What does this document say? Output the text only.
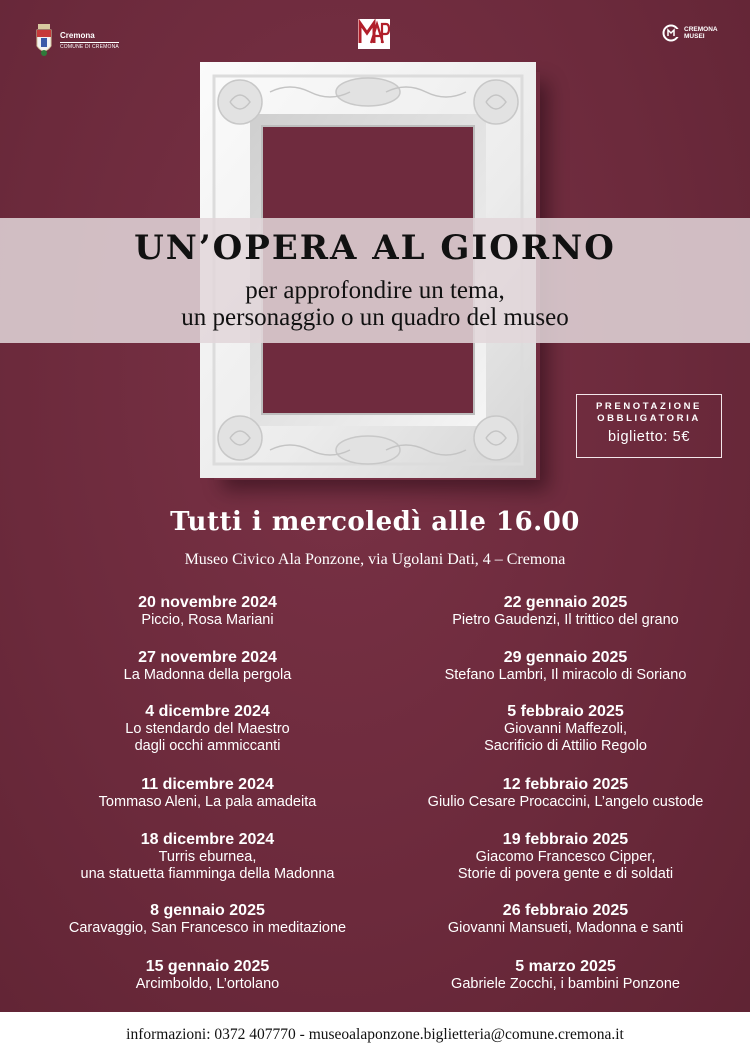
Cremona
COMUNE DI CREMONA
CREMONA
MUSEI
UN’OPERA AL GIORNO

per approfondire un tema,
un personaggio o un quadro del museo

PRENOTAZIONE
OBBLIGATORIA
biglietto: 5€
Tutti i mercoledì alle 16.00

Museo Civico Ala Ponzone, via Ugolani Dati, 4 – Cremona

20 novembre 2024
Piccio, Rosa Mariani
27 novembre 2024
La Madonna della pergola
4 dicembre 2024
Lo stendardo del Maestro
dagli occhi ammiccanti
11 dicembre 2024
Tommaso Aleni, La pala amadeita
18 dicembre 2024
Turris eburnea,
una statuetta fiamminga della Madonna
8 gennaio 2025
Caravaggio, San Francesco in meditazione
15 gennaio 2025
Arcimboldo, L’ortolano
22 gennaio 2025
Pietro Gaudenzi, Il trittico del grano
29 gennaio 2025
Stefano Lambri, Il miracolo di Soriano
5 febbraio 2025
Giovanni Maffezoli,
Sacrificio di Attilio Regolo
12 febbraio 2025
Giulio Cesare Procaccini, L’angelo custode
19 febbraio 2025
Giacomo Francesco Cipper,
Storie di povera gente e di soldati
26 febbraio 2025
Giovanni Mansueti, Madonna e santi
5 marzo 2025
Gabriele Zocchi, i bambini Ponzone
informazioni: 0372 407770 - museoalaponzone.biglietteria@comune.cremona.it
